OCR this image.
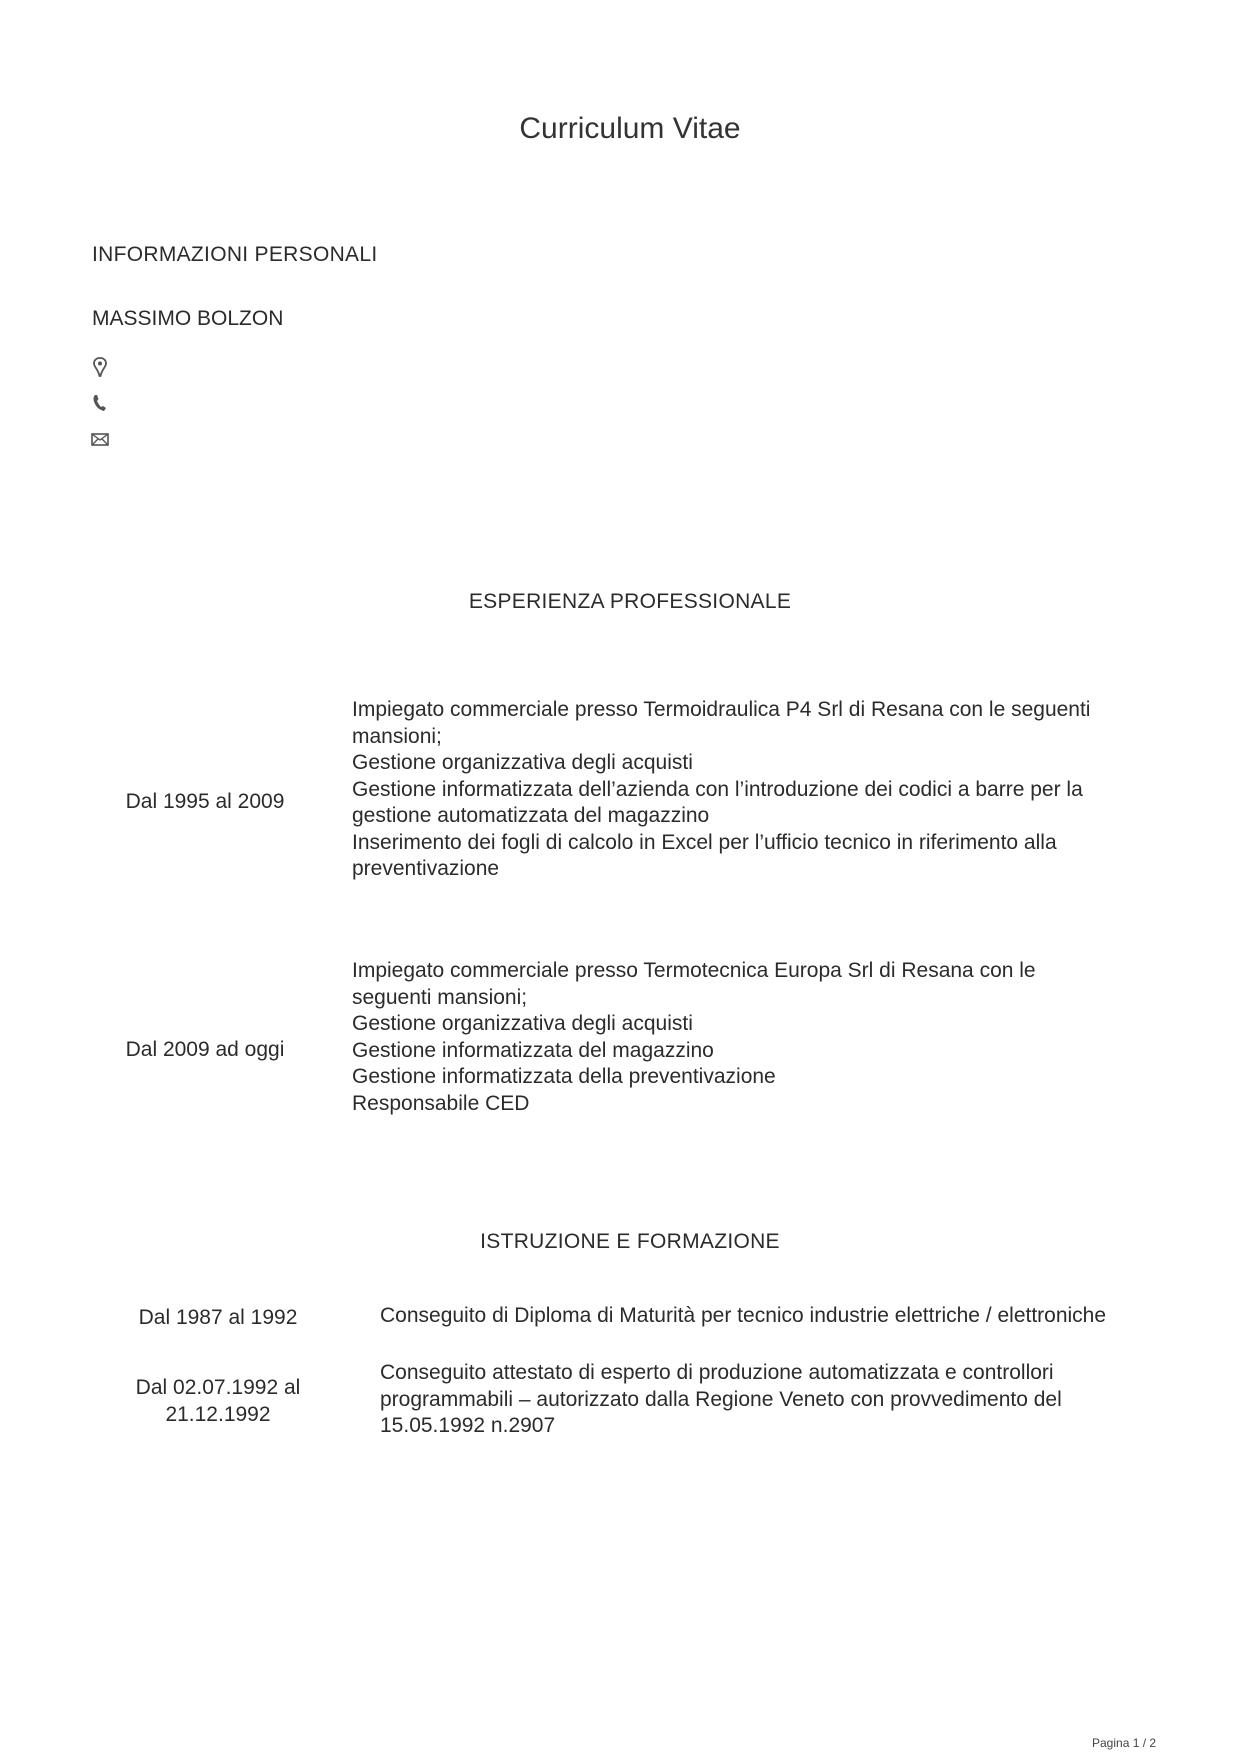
Curriculum Vitae
INFORMAZIONI PERSONALI
MASSIMO BOLZON
ESPERIENZA PROFESSIONALE
Dal 1995 al 2009
Impiegato commerciale presso Termoidraulica P4 Srl di Resana con le seguenti
mansioni;
Gestione organizzativa degli acquisti
Gestione informatizzata dell’azienda con l’introduzione dei codici a barre per la
gestione automatizzata del magazzino
Inserimento dei fogli di calcolo in Excel per l’ufficio tecnico in riferimento alla
preventivazione
Dal 2009 ad oggi
Impiegato commerciale presso Termotecnica Europa Srl di Resana con le
seguenti mansioni;
Gestione organizzativa degli acquisti
Gestione informatizzata del magazzino
Gestione informatizzata della preventivazione
Responsabile CED
ISTRUZIONE E FORMAZIONE
Dal 1987 al 1992	Conseguito di Diploma di Maturità per tecnico industrie elettriche / elettroniche
Dal 02.07.1992 al
21.12.1992
Conseguito attestato di esperto di produzione automatizzata e controllori
programmabili – autorizzato dalla Regione Veneto con provvedimento del
15.05.1992 n.2907
Pagina 1 / 2
